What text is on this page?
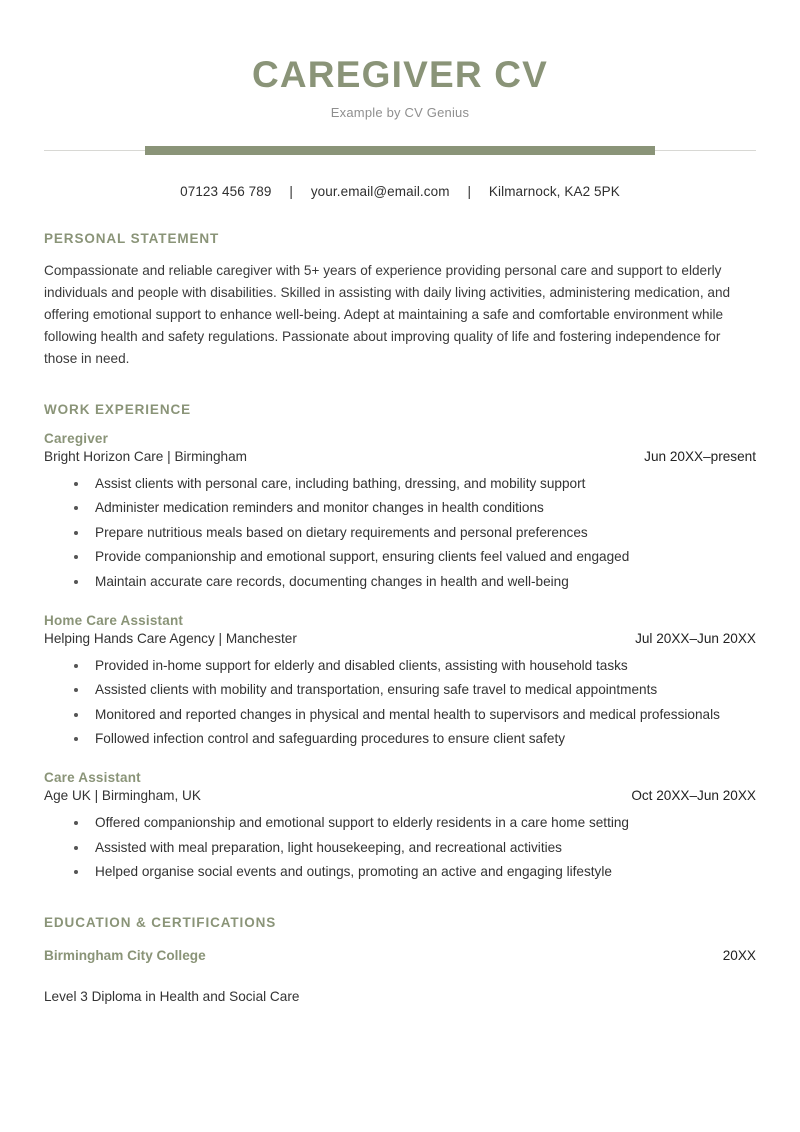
CAREGIVER CV
Example by CV Genius
07123 456 789 | your.email@email.com | Kilmarnock, KA2 5PK
PERSONAL STATEMENT
Compassionate and reliable caregiver with 5+ years of experience providing personal care and support to elderly individuals and people with disabilities. Skilled in assisting with daily living activities, administering medication, and offering emotional support to enhance well-being. Adept at maintaining a safe and comfortable environment while following health and safety regulations. Passionate about improving quality of life and fostering independence for those in need.
WORK EXPERIENCE
Caregiver
Bright Horizon Care | Birmingham	Jun 20XX–present
• Assist clients with personal care, including bathing, dressing, and mobility support
• Administer medication reminders and monitor changes in health conditions
• Prepare nutritious meals based on dietary requirements and personal preferences
• Provide companionship and emotional support, ensuring clients feel valued and engaged
• Maintain accurate care records, documenting changes in health and well-being
Home Care Assistant
Helping Hands Care Agency | Manchester	Jul 20XX–Jun 20XX
• Provided in-home support for elderly and disabled clients, assisting with household tasks
• Assisted clients with mobility and transportation, ensuring safe travel to medical appointments
• Monitored and reported changes in physical and mental health to supervisors and medical professionals
• Followed infection control and safeguarding procedures to ensure client safety
Care Assistant
Age UK | Birmingham, UK	Oct 20XX–Jun 20XX
• Offered companionship and emotional support to elderly residents in a care home setting
• Assisted with meal preparation, light housekeeping, and recreational activities
• Helped organise social events and outings, promoting an active and engaging lifestyle
EDUCATION & CERTIFICATIONS
Birmingham City College	20XX
Level 3 Diploma in Health and Social Care
